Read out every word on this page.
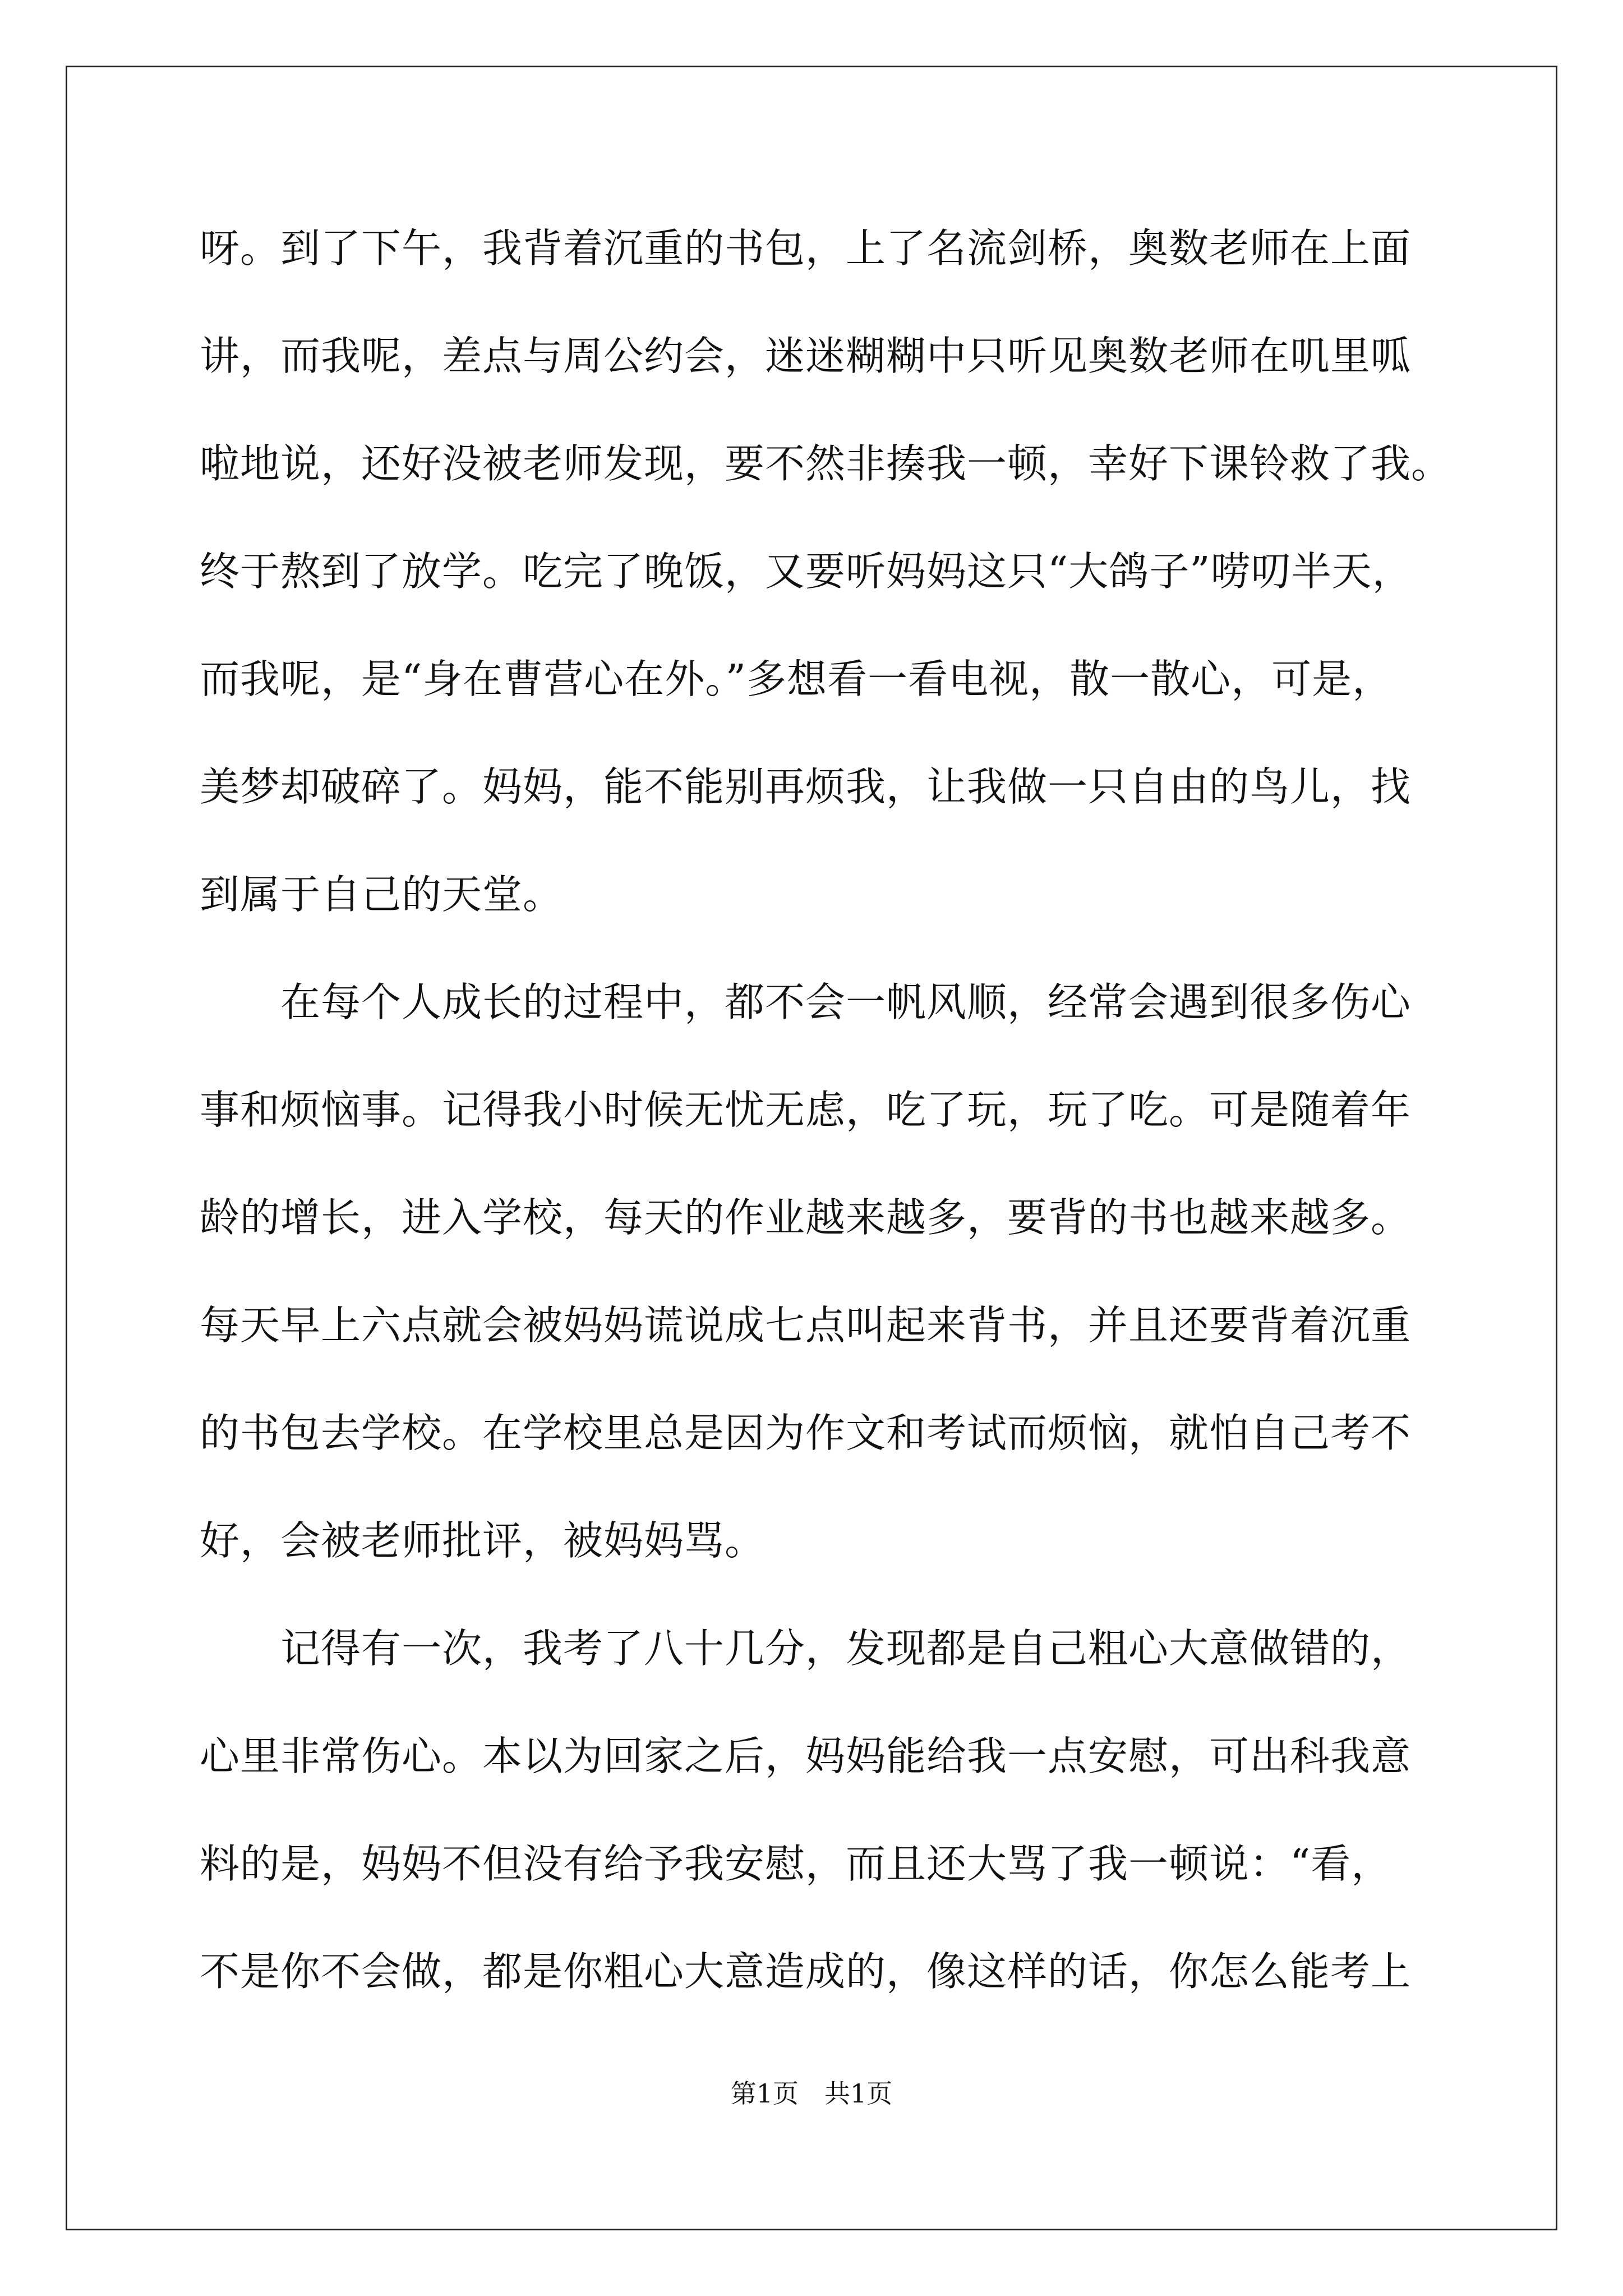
呀。到了下午，我背着沉重的书包，上了名流剑桥，奥数老师在上面
讲，而我呢，差点与周公约会，迷迷糊糊中只听见奥数老师在叽里呱
啦地说，还好没被老师发现，要不然非揍我一顿，幸好下课铃救了我。
终于熬到了放学。吃完了晚饭，又要听妈妈这只“大鸽子”唠叨半天，
而我呢，是“身在曹营心在外。”多想看一看电视，散一散心，可是，
美梦却破碎了。妈妈，能不能别再烦我，让我做一只自由的鸟儿，找
到属于自己的天堂。
在每个人成长的过程中，都不会一帆风顺，经常会遇到很多伤心
事和烦恼事。记得我小时候无忧无虑，吃了玩，玩了吃。可是随着年
龄的增长，进入学校，每天的作业越来越多，要背的书也越来越多。
每天早上六点就会被妈妈谎说成七点叫起来背书，并且还要背着沉重
的书包去学校。在学校里总是因为作文和考试而烦恼，就怕自己考不
好，会被老师批评，被妈妈骂。
记得有一次，我考了八十几分，发现都是自己粗心大意做错的，
心里非常伤心。本以为回家之后，妈妈能给我一点安慰，可出科我意
料的是，妈妈不但没有给予我安慰，而且还大骂了我一顿说：“看，
不是你不会做，都是你粗心大意造成的，像这样的话，你怎么能考上
第1页 共1页
